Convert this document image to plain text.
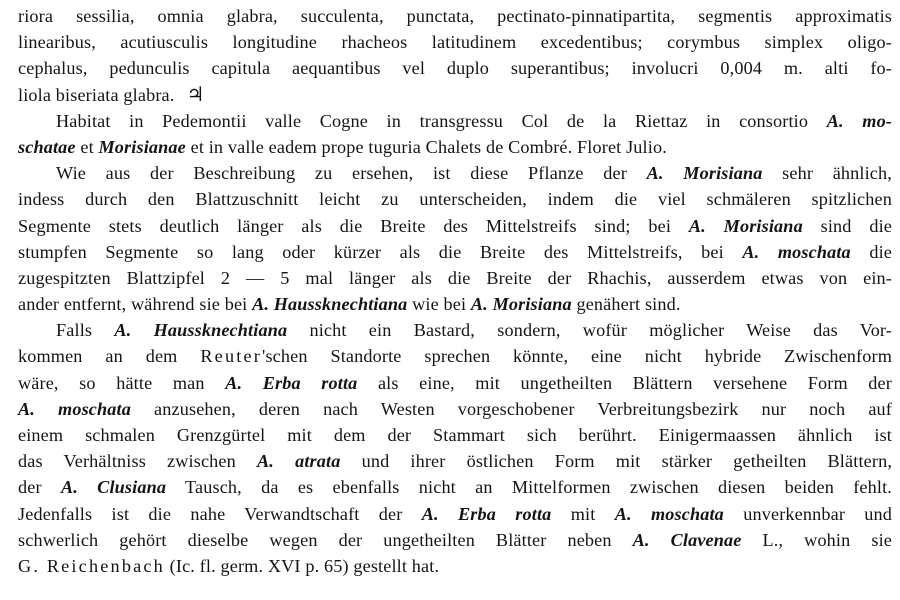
riora sessilia, omnia glabra, succulenta, punctata, pectinato-pinnatipartita, segmentis approximatis
linearibus, acutiusculis longitudine rhacheos latitudinem excedentibus; corymbus simplex oligo-
cephalus, pedunculis capitula aequantibus vel duplo superantibus; involucri 0,004 m. alti fo-
liola biseriata glabra. ♃
Habitat in Pedemontii valle Cogne in transgressu Col de la Riettaz in consortio A. mo-
schatae et Morisianae et in valle eadem prope tuguria Chalets de Combré. Floret Julio.
Wie aus der Beschreibung zu ersehen, ist diese Pflanze der A. Morisiana sehr ähnlich,
indess durch den Blattzuschnitt leicht zu unterscheiden, indem die viel schmäleren spitzlichen
Segmente stets deutlich länger als die Breite des Mittelstreifs sind; bei A. Morisiana sind die
stumpfen Segmente so lang oder kürzer als die Breite des Mittelstreifs, bei A. moschata die
zugespitzten Blattzipfel 2 — 5 mal länger als die Breite der Rhachis, ausserdem etwas von ein-
ander entfernt, während sie bei A. Haussknechtiana wie bei A. Morisiana genähert sind.
Falls A. Haussknechtiana nicht ein Bastard, sondern, wofür möglicher Weise das Vor-
kommen an dem Reuter'schen Standorte sprechen könnte, eine nicht hybride Zwischenform
wäre, so hätte man A. Erba rotta als eine, mit ungetheilten Blättern versehene Form der
A. moschata anzusehen, deren nach Westen vorgeschobener Verbreitungsbezirk nur noch auf
einem schmalen Grenzgürtel mit dem der Stammart sich berührt. Einigermaassen ähnlich ist
das Verhältniss zwischen A. atrata und ihrer östlichen Form mit stärker getheilten Blättern,
der A. Clusiana Tausch, da es ebenfalls nicht an Mittelformen zwischen diesen beiden fehlt.
Jedenfalls ist die nahe Verwandtschaft der A. Erba rotta mit A. moschata unverkennbar und
schwerlich gehört dieselbe wegen der ungetheilten Blätter neben A. Clavenae L., wohin sie
G. Reichenbach (Ic. fl. germ. XVI p. 65) gestellt hat.
